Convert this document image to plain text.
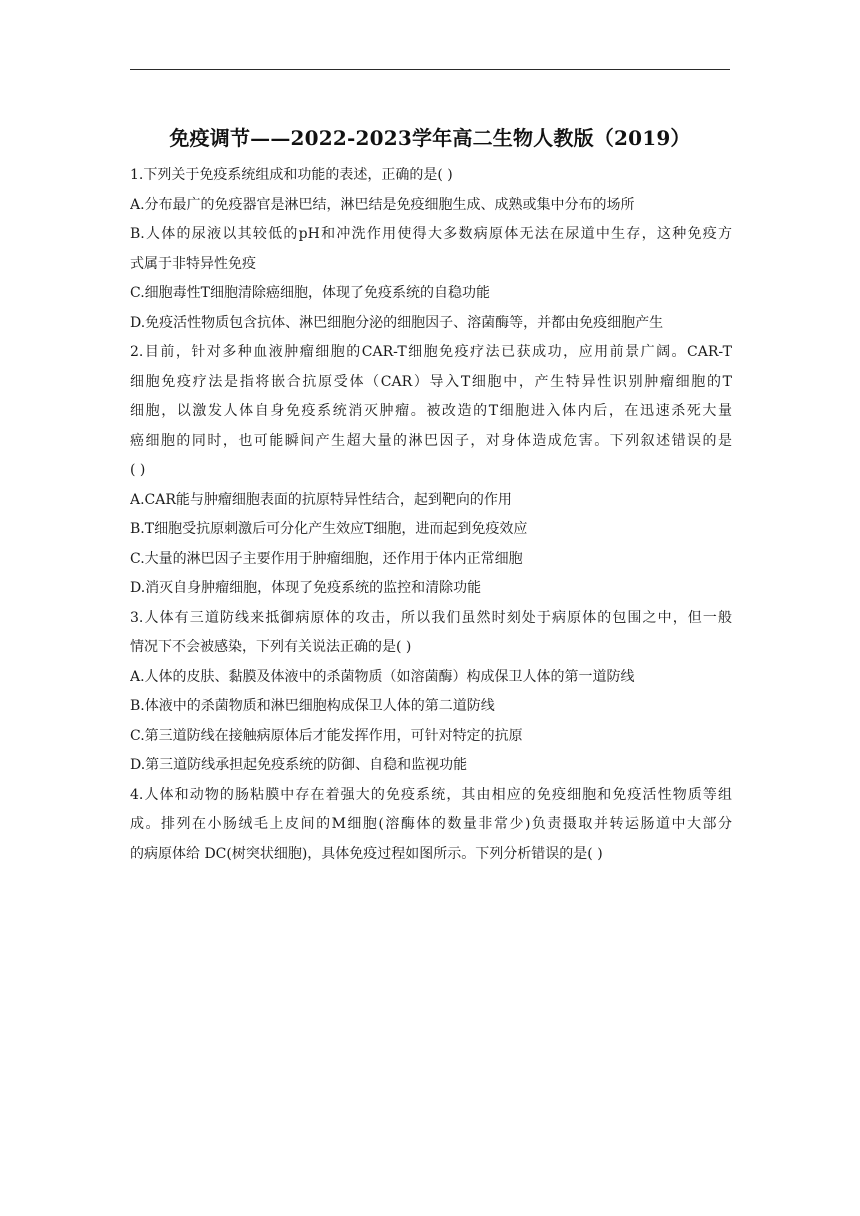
免疫调节——2022-2023学年高二生物人教版（2019）
1.下列关于免疫系统组成和功能的表述，正确的是( )
A.分布最广的免疫器官是淋巴结，淋巴结是免疫细胞生成、成熟或集中分布的场所
B.人体的尿液以其较低的pH和冲洗作用使得大多数病原体无法在尿道中生存，这种免疫方
式属于非特异性免疫
C.细胞毒性T细胞清除癌细胞，体现了免疫系统的自稳功能
D.免疫活性物质包含抗体、淋巴细胞分泌的细胞因子、溶菌酶等，并都由免疫细胞产生
2.目前，针对多种血液肿瘤细胞的CAR-T细胞免疫疗法已获成功，应用前景广阔。CAR-T
细胞免疫疗法是指将嵌合抗原受体（CAR）导入T细胞中，产生特异性识别肿瘤细胞的T
细胞，以激发人体自身免疫系统消灭肿瘤。被改造的T细胞进入体内后，在迅速杀死大量
癌细胞的同时，也可能瞬间产生超大量的淋巴因子，对身体造成危害。下列叙述错误的是
( )
A.CAR能与肿瘤细胞表面的抗原特异性结合，起到靶向的作用
B.T细胞受抗原刺激后可分化产生效应T细胞，进而起到免疫效应
C.大量的淋巴因子主要作用于肿瘤细胞，还作用于体内正常细胞
D.消灭自身肿瘤细胞，体现了免疫系统的监控和清除功能
3.人体有三道防线来抵御病原体的攻击，所以我们虽然时刻处于病原体的包围之中，但一般
情况下不会被感染，下列有关说法正确的是( )
A.人体的皮肤、黏膜及体液中的杀菌物质（如溶菌酶）构成保卫人体的第一道防线
B.体液中的杀菌物质和淋巴细胞构成保卫人体的第二道防线
C.第三道防线在接触病原体后才能发挥作用，可针对特定的抗原
D.第三道防线承担起免疫系统的防御、自稳和监视功能
4.人体和动物的肠粘膜中存在着强大的免疫系统，其由相应的免疫细胞和免疫活性物质等组
成。排列在小肠绒毛上皮间的M细胞(溶酶体的数量非常少)负责摄取并转运肠道中大部分
的病原体给 DC(树突状细胞)，具体免疫过程如图所示。下列分析错误的是( )
